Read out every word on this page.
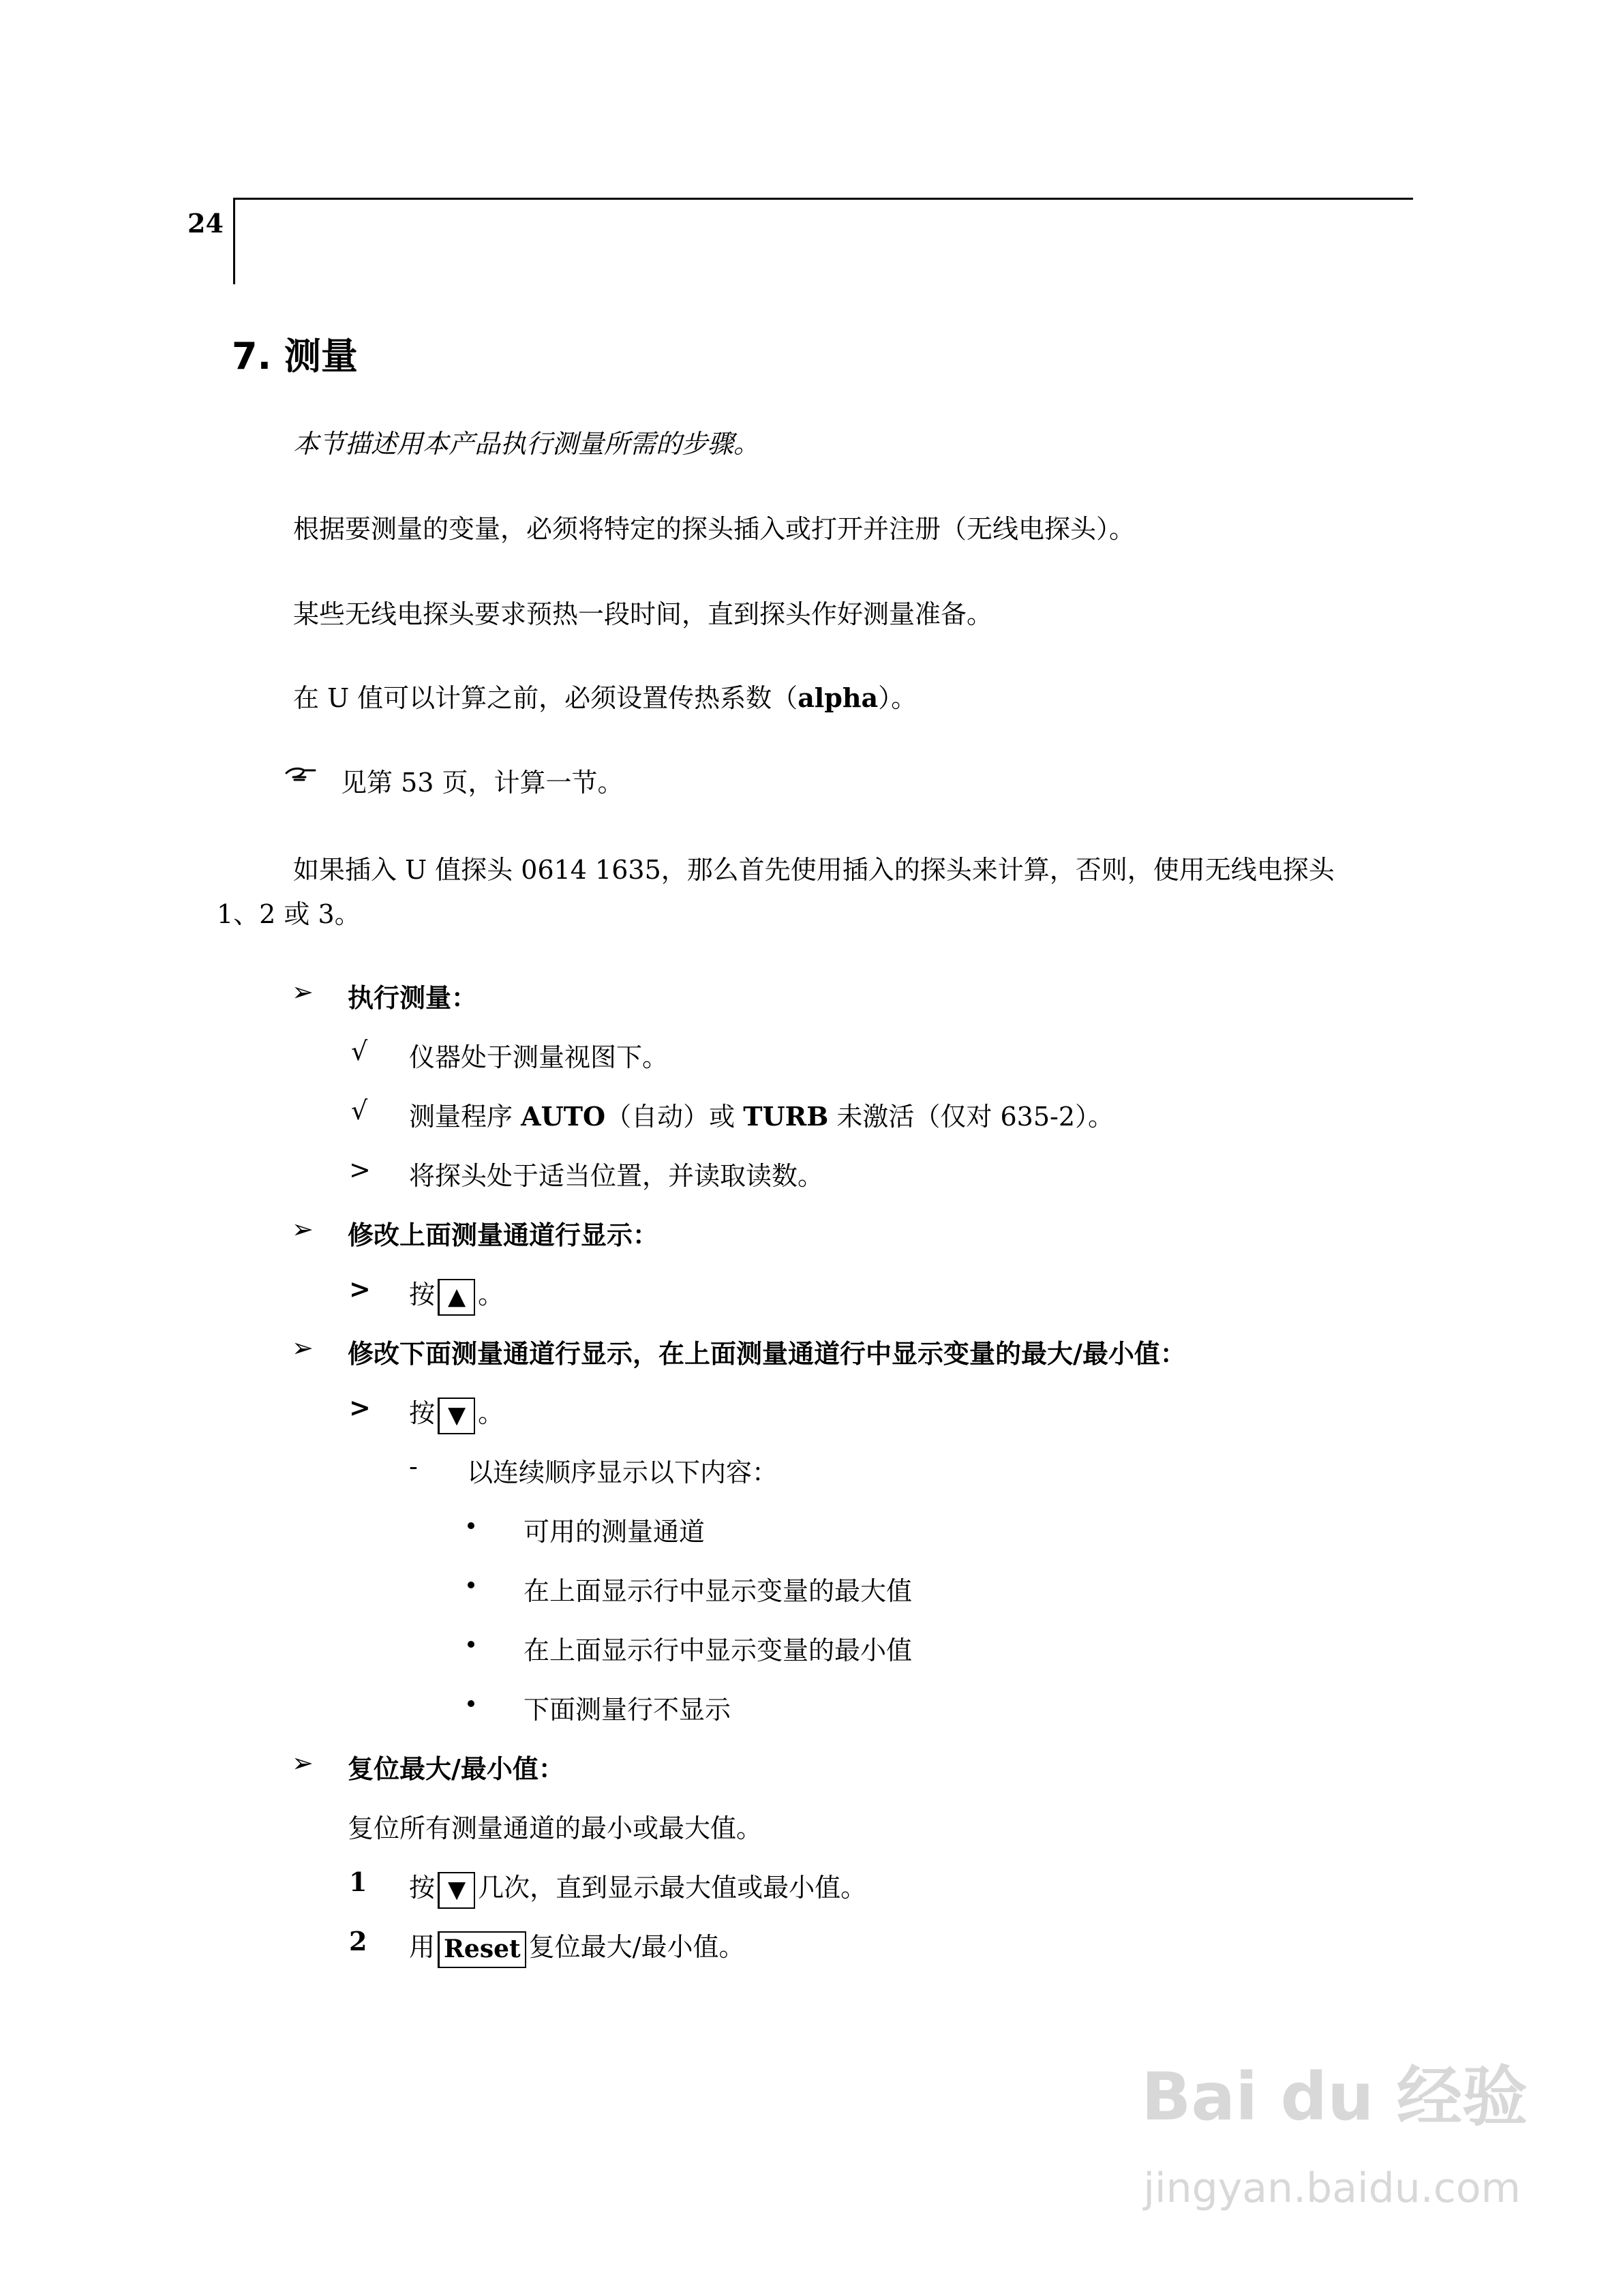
24
7. 测量
本节描述用本产品执行测量所需的步骤。
根据要测量的变量，必须将特定的探头插入或打开并注册（无线电探头）。
某些无线电探头要求预热一段时间，直到探头作好测量准备。
在 U 值可以计算之前，必须设置传热系数（alpha）。
见第 53 页，计算一节。
如果插入 U 值探头 0614 1635，那么首先使用插入的探头来计算，否则，使用无线电探头
1、2 或 3。
➢ 执行测量：
√ 仪器处于测量视图下。
√ 测量程序 AUTO（自动）或 TURB 未激活（仅对 635-2）。
> 将探头处于适当位置，并读取读数。
➢ 修改上面测量通道行显示：
> 按 ▲ 。
➢ 修改下面测量通道行显示，在上面测量通道行中显示变量的最大/最小值：
> 按 ▼ 。
- 以连续顺序显示以下内容：
可用的测量通道
在上面显示行中显示变量的最大值
在上面显示行中显示变量的最小值
下面测量行不显示
➢ 复位最大/最小值：
复位所有测量通道的最小或最大值。
1 按 ▼ 几次，直到显示最大值或最小值。
2 用 Reset 复位最大/最小值。
Bai du 经验
jingyan.baidu.com
